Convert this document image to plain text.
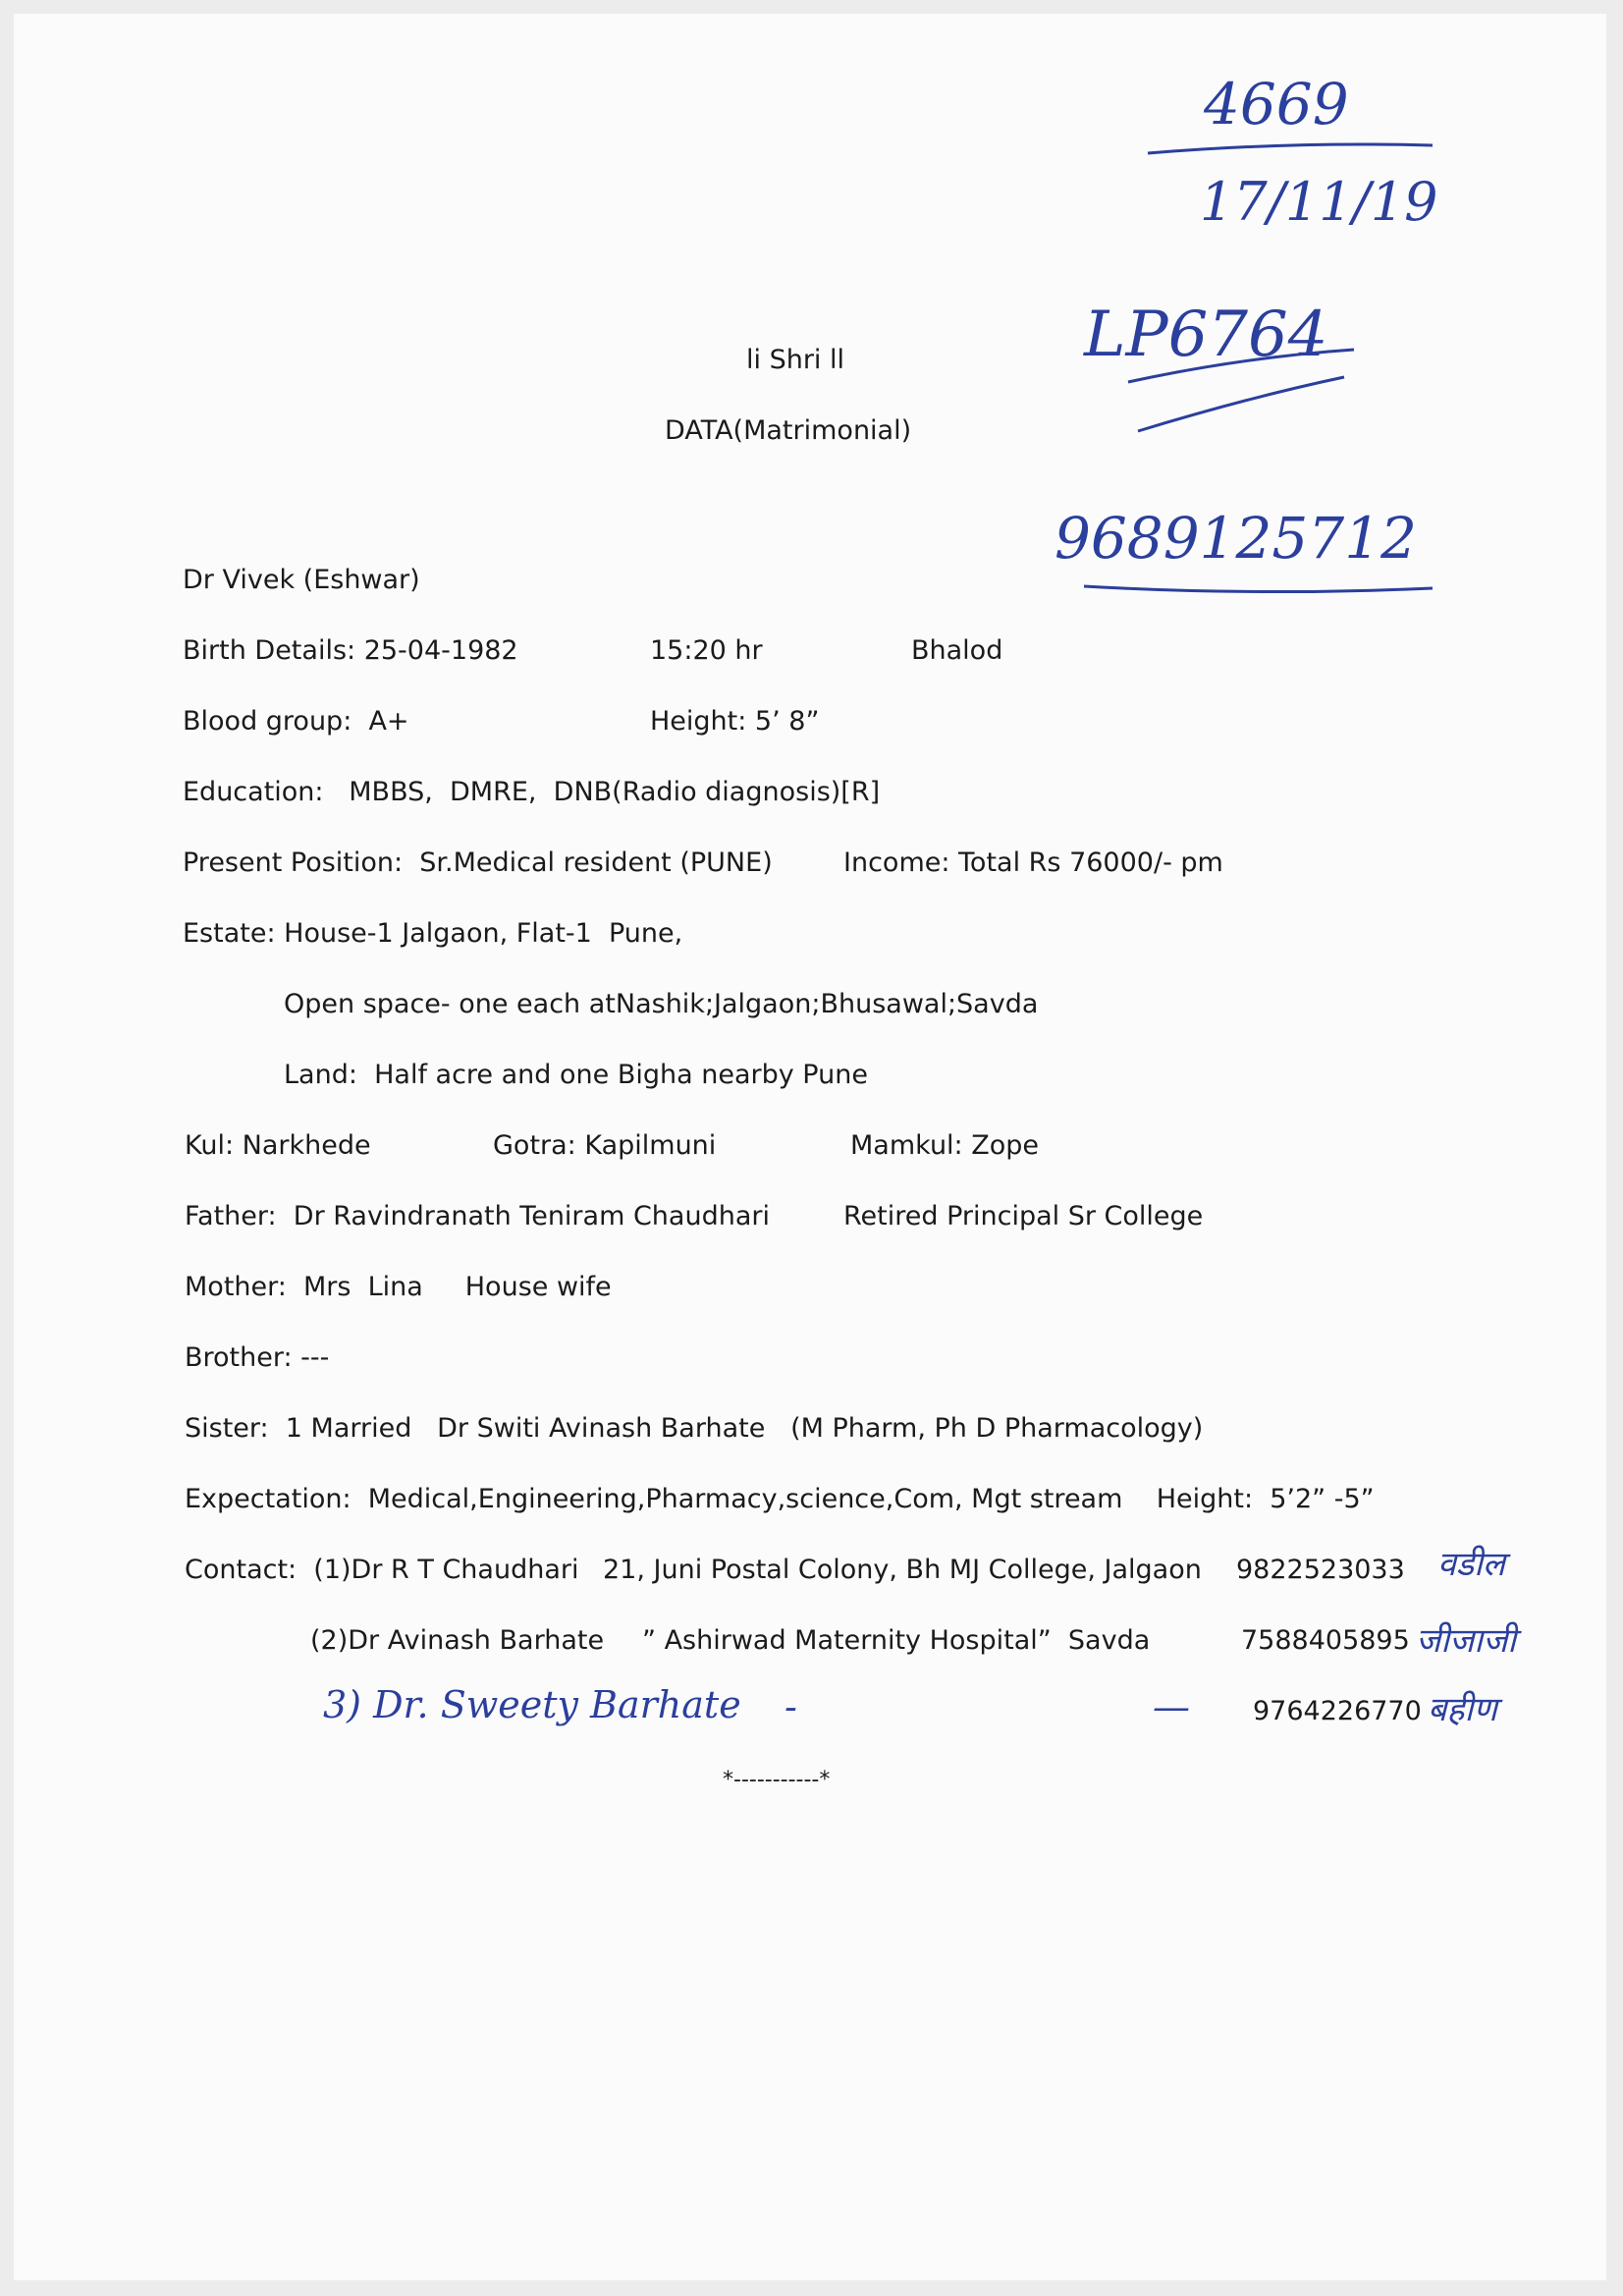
4669
17/11/19
LP6764
9689125712
li Shri ll
DATA(Matrimonial)
Dr Vivek (Eshwar)
Birth Details: 25-04-1982	15:20 hr	Bhalod
Blood group:  A+	Height: 5’ 8”
Education:   MBBS,  DMRE,  DNB(Radio diagnosis)[R]
Present Position:  Sr.Medical resident (PUNE)	Income: Total Rs 76000/- pm
Estate: House-1 Jalgaon, Flat-1  Pune,
Open space- one each atNashik;Jalgaon;Bhusawal;Savda
Land:  Half acre and one Bigha nearby Pune
Kul: Narkhede	Gotra: Kapilmuni	Mamkul: Zope
Father:  Dr Ravindranath Teniram Chaudhari	Retired Principal Sr College
Mother:  Mrs  Lina     House wife
Brother: ---
Sister:  1 Married   Dr Switi Avinash Barhate   (M Pharm, Ph D Pharmacology)
Expectation:  Medical,Engineering,Pharmacy,science,Com, Mgt stream    Height:  5’2” -5”
Contact:  (1)Dr R T Chaudhari 21, Juni Postal Colony, Bh MJ College, Jalgaon 9822523033 वडील
(2)Dr Avinash Barhate ” Ashirwad Maternity Hospital”  Savda	7588405895 जीजाजी
3) Dr. Sweety Barhate -	— 9764226770 बहीण
*-----------*
